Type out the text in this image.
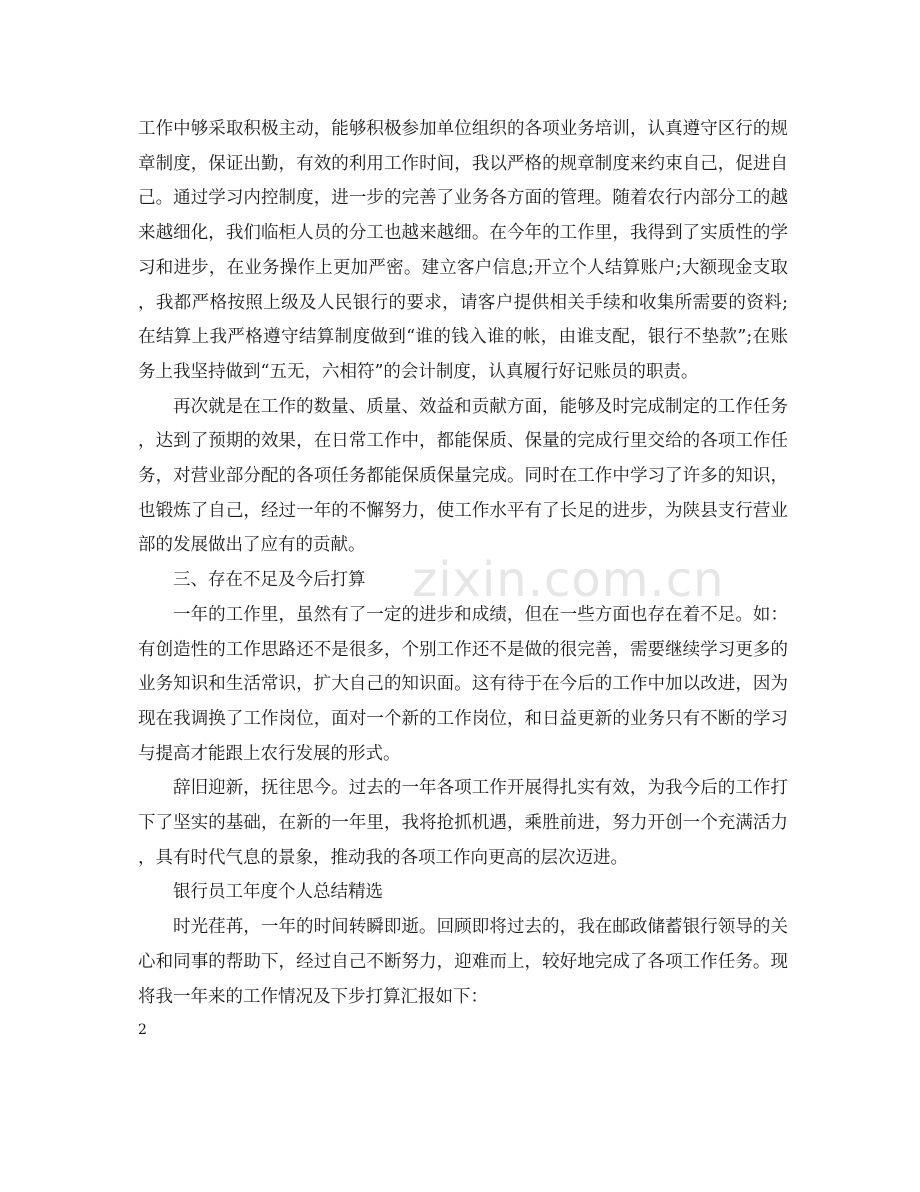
工作中够采取积极主动，能够积极参加单位组织的各项业务培训，认真遵守区行的规章制度，保证出勤，有效的利用工作时间，我以严格的规章制度来约束自己，促进自己。通过学习内控制度，进一步的完善了业务各方面的管理。随着农行内部分工的越来越细化，我们临柜人员的分工也越来越细。在今年的工作里，我得到了实质性的学习和进步，在业务操作上更加严密。建立客户信息;开立个人结算账户;大额现金支取，我都严格按照上级及人民银行的要求，请客户提供相关手续和收集所需要的资料;在结算上我严格遵守结算制度做到“谁的钱入谁的帐，由谁支配，银行不垫款”;在账务上我坚持做到“五无，六相符”的会计制度，认真履行好记账员的职责。

再次就是在工作的数量、质量、效益和贡献方面，能够及时完成制定的工作任务，达到了预期的效果，在日常工作中，都能保质、保量的完成行里交给的各项工作任务，对营业部分配的各项任务都能保质保量完成。同时在工作中学习了许多的知识，也锻炼了自己，经过一年的不懈努力，使工作水平有了长足的进步，为陕县支行营业部的发展做出了应有的贡献。

三、存在不足及今后打算

一年的工作里，虽然有了一定的进步和成绩，但在一些方面也存在着不足。如：有创造性的工作思路还不是很多，个别工作还不是做的很完善，需要继续学习更多的业务知识和生活常识，扩大自己的知识面。这有待于在今后的工作中加以改进，因为现在我调换了工作岗位，面对一个新的工作岗位，和日益更新的业务只有不断的学习与提高才能跟上农行发展的形式。

辞旧迎新，抚往思今。过去的一年各项工作开展得扎实有效，为我今后的工作打下了坚实的基础，在新的一年里，我将抢抓机遇，乘胜前进，努力开创一个充满活力，具有时代气息的景象，推动我的各项工作向更高的层次迈进。

银行员工年度个人总结精选

时光荏苒，一年的时间转瞬即逝。回顾即将过去的，我在邮政储蓄银行领导的关心和同事的帮助下，经过自己不断努力，迎难而上，较好地完成了各项工作任务。现将我一年来的工作情况及下步打算汇报如下：

zixin.com.cn
2
